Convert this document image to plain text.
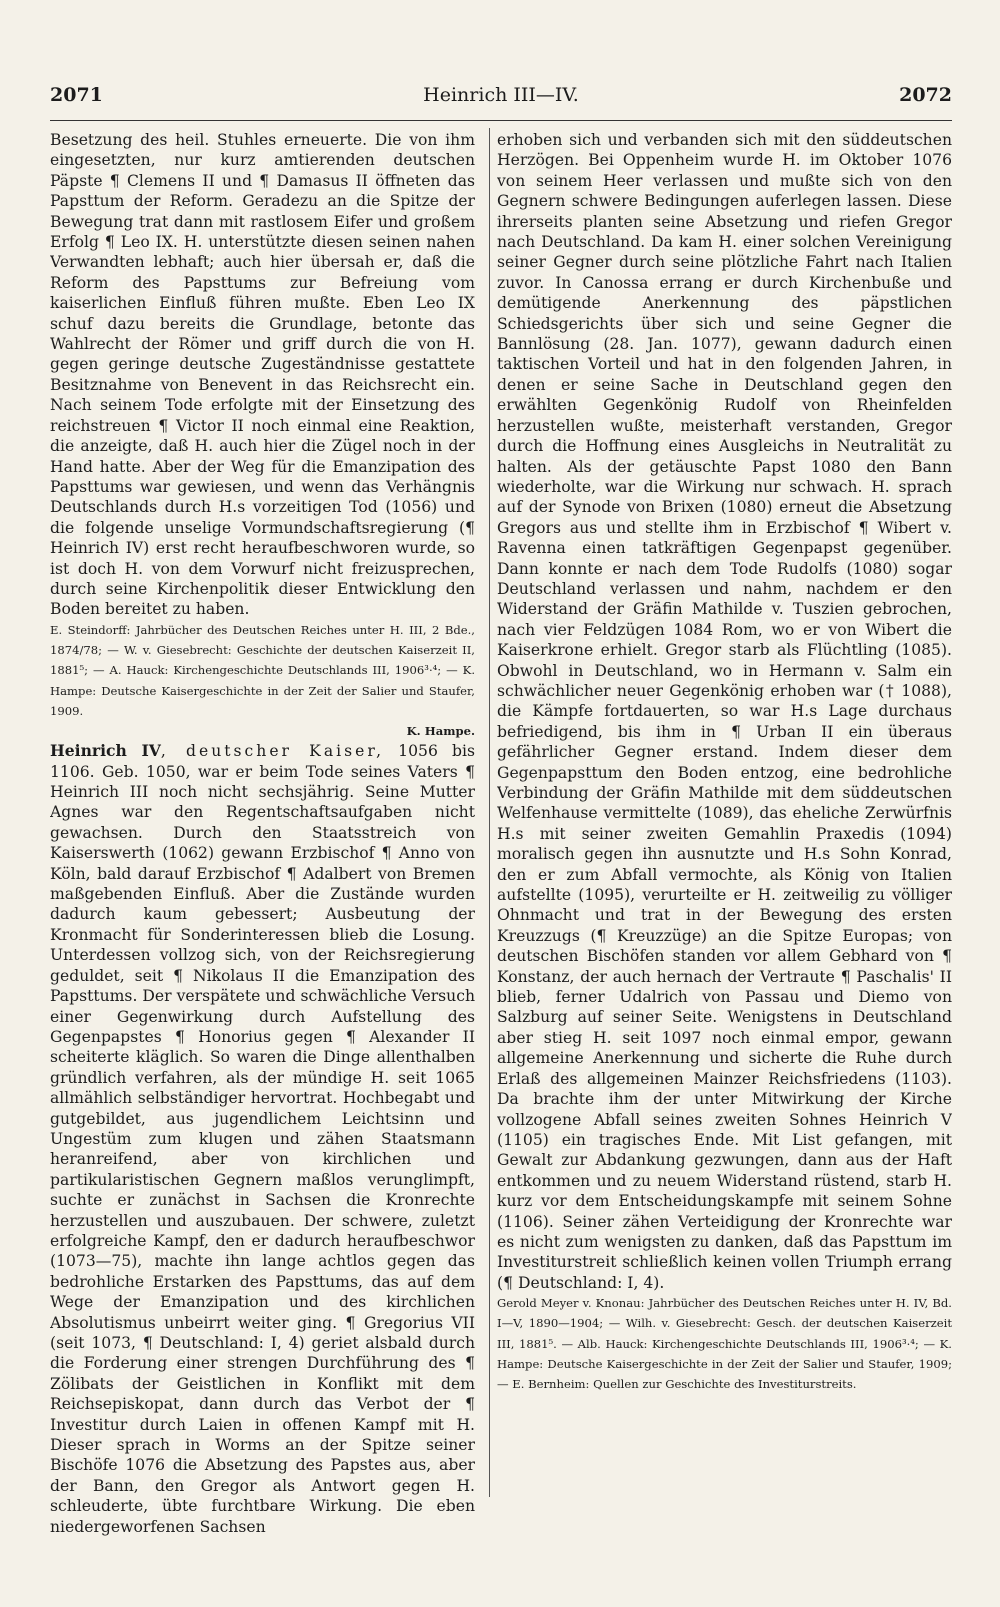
2071	Heinrich III—IV.	2072

Besetzung des heil. Stuhles erneuerte. Die von ihm eingesetzten, nur kurz amtierenden deutschen Päpste ¶ Clemens II und ¶ Damasus II öffneten das Papsttum der Reform. Geradezu an die Spitze der Bewegung trat dann mit rastlosem Eifer und großem Erfolg ¶ Leo IX. H. unterstützte diesen seinen nahen Verwandten lebhaft; auch hier übersah er, daß die Reform des Papsttums zur Befreiung vom kaiserlichen Einfluß führen mußte. Eben Leo IX schuf dazu bereits die Grundlage, betonte das Wahlrecht der Römer und griff durch die von H. gegen geringe deutsche Zugeständnisse gestattete Besitznahme von Benevent in das Reichsrecht ein. Nach seinem Tode erfolgte mit der Einsetzung des reichstreuen ¶ Victor II noch einmal eine Reaktion, die anzeigte, daß H. auch hier die Zügel noch in der Hand hatte. Aber der Weg für die Emanzipation des Papsttums war gewiesen, und wenn das Verhängnis Deutschlands durch H.s vorzeitigen Tod (1056) und die folgende unselige Vormundschaftsregierung (¶ Heinrich IV) erst recht heraufbeschworen wurde, so ist doch H. von dem Vorwurf nicht freizusprechen, durch seine Kirchenpolitik dieser Entwicklung den Boden bereitet zu haben.

E. Steindorff: Jahrbücher des Deutschen Reiches unter H. III, 2 Bde., 1874/78; — W. v. Giesebrecht: Geschichte der deutschen Kaiserzeit II, 1881⁵; — A. Hauck: Kirchengeschichte Deutschlands III, 1906³·⁴; — K. Hampe: Deutsche Kaisergeschichte in der Zeit der Salier und Staufer, 1909.

K. Hampe.

Heinrich IV, deutscher Kaiser, 1056 bis 1106. Geb. 1050, war er beim Tode seines Vaters ¶ Heinrich III noch nicht sechsjährig. Seine Mutter Agnes war den Regentschaftsaufgaben nicht gewachsen. Durch den Staatsstreich von Kaiserswerth (1062) gewann Erzbischof ¶ Anno von Köln, bald darauf Erzbischof ¶ Adalbert von Bremen maßgebenden Einfluß. Aber die Zustände wurden dadurch kaum gebessert; Ausbeutung der Kronmacht für Sonderinteressen blieb die Losung. Unterdessen vollzog sich, von der Reichsregierung geduldet, seit ¶ Nikolaus II die Emanzipation des Papsttums. Der verspätete und schwächliche Versuch einer Gegenwirkung durch Aufstellung des Gegenpapstes ¶ Honorius gegen ¶ Alexander II scheiterte kläglich. So waren die Dinge allenthalben gründlich verfahren, als der mündige H. seit 1065 allmählich selbständiger hervortrat. Hochbegabt und gutgebildet, aus jugendlichem Leichtsinn und Ungestüm zum klugen und zähen Staatsmann heranreifend, aber von kirchlichen und partikularistischen Gegnern maßlos verunglimpft, suchte er zunächst in Sachsen die Kronrechte herzustellen und auszubauen. Der schwere, zuletzt erfolgreiche Kampf, den er dadurch heraufbeschwor (1073—75), machte ihn lange achtlos gegen das bedrohliche Erstarken des Papsttums, das auf dem Wege der Emanzipation und des kirchlichen Absolutismus unbeirrt weiter ging. ¶ Gregorius VII (seit 1073, ¶ Deutschland: I, 4) geriet alsbald durch die Forderung einer strengen Durchführung des ¶ Zölibats der Geistlichen in Konflikt mit dem Reichsepiskopat, dann durch das Verbot der ¶ Investitur durch Laien in offenen Kampf mit H. Dieser sprach in Worms an der Spitze seiner Bischöfe 1076 die Absetzung des Papstes aus, aber der Bann, den Gregor als Antwort gegen H. schleuderte, übte furchtbare Wirkung. Die eben niedergeworfenen Sachsen

erhoben sich und verbanden sich mit den süddeutschen Herzögen. Bei Oppenheim wurde H. im Oktober 1076 von seinem Heer verlassen und mußte sich von den Gegnern schwere Bedingungen auferlegen lassen. Diese ihrerseits planten seine Absetzung und riefen Gregor nach Deutschland. Da kam H. einer solchen Vereinigung seiner Gegner durch seine plötzliche Fahrt nach Italien zuvor. In Canossa errang er durch Kirchenbuße und demütigende Anerkennung des päpstlichen Schiedsgerichts über sich und seine Gegner die Bannlösung (28. Jan. 1077), gewann dadurch einen taktischen Vorteil und hat in den folgenden Jahren, in denen er seine Sache in Deutschland gegen den erwählten Gegenkönig Rudolf von Rheinfelden herzustellen wußte, meisterhaft verstanden, Gregor durch die Hoffnung eines Ausgleichs in Neutralität zu halten. Als der getäuschte Papst 1080 den Bann wiederholte, war die Wirkung nur schwach. H. sprach auf der Synode von Brixen (1080) erneut die Absetzung Gregors aus und stellte ihm in Erzbischof ¶ Wibert v. Ravenna einen tatkräftigen Gegenpapst gegenüber. Dann konnte er nach dem Tode Rudolfs (1080) sogar Deutschland verlassen und nahm, nachdem er den Widerstand der Gräfin Mathilde v. Tuszien gebrochen, nach vier Feldzügen 1084 Rom, wo er von Wibert die Kaiserkrone erhielt. Gregor starb als Flüchtling (1085). Obwohl in Deutschland, wo in Hermann v. Salm ein schwächlicher neuer Gegenkönig erhoben war († 1088), die Kämpfe fortdauerten, so war H.s Lage durchaus befriedigend, bis ihm in ¶ Urban II ein überaus gefährlicher Gegner erstand. Indem dieser dem Gegenpapsttum den Boden entzog, eine bedrohliche Verbindung der Gräfin Mathilde mit dem süddeutschen Welfenhause vermittelte (1089), das eheliche Zerwürfnis H.s mit seiner zweiten Gemahlin Praxedis (1094) moralisch gegen ihn ausnutzte und H.s Sohn Konrad, den er zum Abfall vermochte, als König von Italien aufstellte (1095), verurteilte er H. zeitweilig zu völliger Ohnmacht und trat in der Bewegung des ersten Kreuzzugs (¶ Kreuzzüge) an die Spitze Europas; von deutschen Bischöfen standen vor allem Gebhard von ¶ Konstanz, der auch hernach der Vertraute ¶ Paschalis' II blieb, ferner Udalrich von Passau und Diemo von Salzburg auf seiner Seite. Wenigstens in Deutschland aber stieg H. seit 1097 noch einmal empor, gewann allgemeine Anerkennung und sicherte die Ruhe durch Erlaß des allgemeinen Mainzer Reichsfriedens (1103). Da brachte ihm der unter Mitwirkung der Kirche vollzogene Abfall seines zweiten Sohnes Heinrich V (1105) ein tragisches Ende. Mit List gefangen, mit Gewalt zur Abdankung gezwungen, dann aus der Haft entkommen und zu neuem Widerstand rüstend, starb H. kurz vor dem Entscheidungskampfe mit seinem Sohne (1106). Seiner zähen Verteidigung der Kronrechte war es nicht zum wenigsten zu danken, daß das Papsttum im Investiturstreit schließlich keinen vollen Triumph errang (¶ Deutschland: I, 4).

Gerold Meyer v. Knonau: Jahrbücher des Deutschen Reiches unter H. IV, Bd. I—V, 1890—1904; — Wilh. v. Giesebrecht: Gesch. der deutschen Kaiserzeit III, 1881⁵. — Alb. Hauck: Kirchengeschichte Deutschlands III, 1906³·⁴; — K. Hampe: Deutsche Kaisergeschichte in der Zeit der Salier und Staufer, 1909; — E. Bernheim: Quellen zur Geschichte des Investiturstreits.
